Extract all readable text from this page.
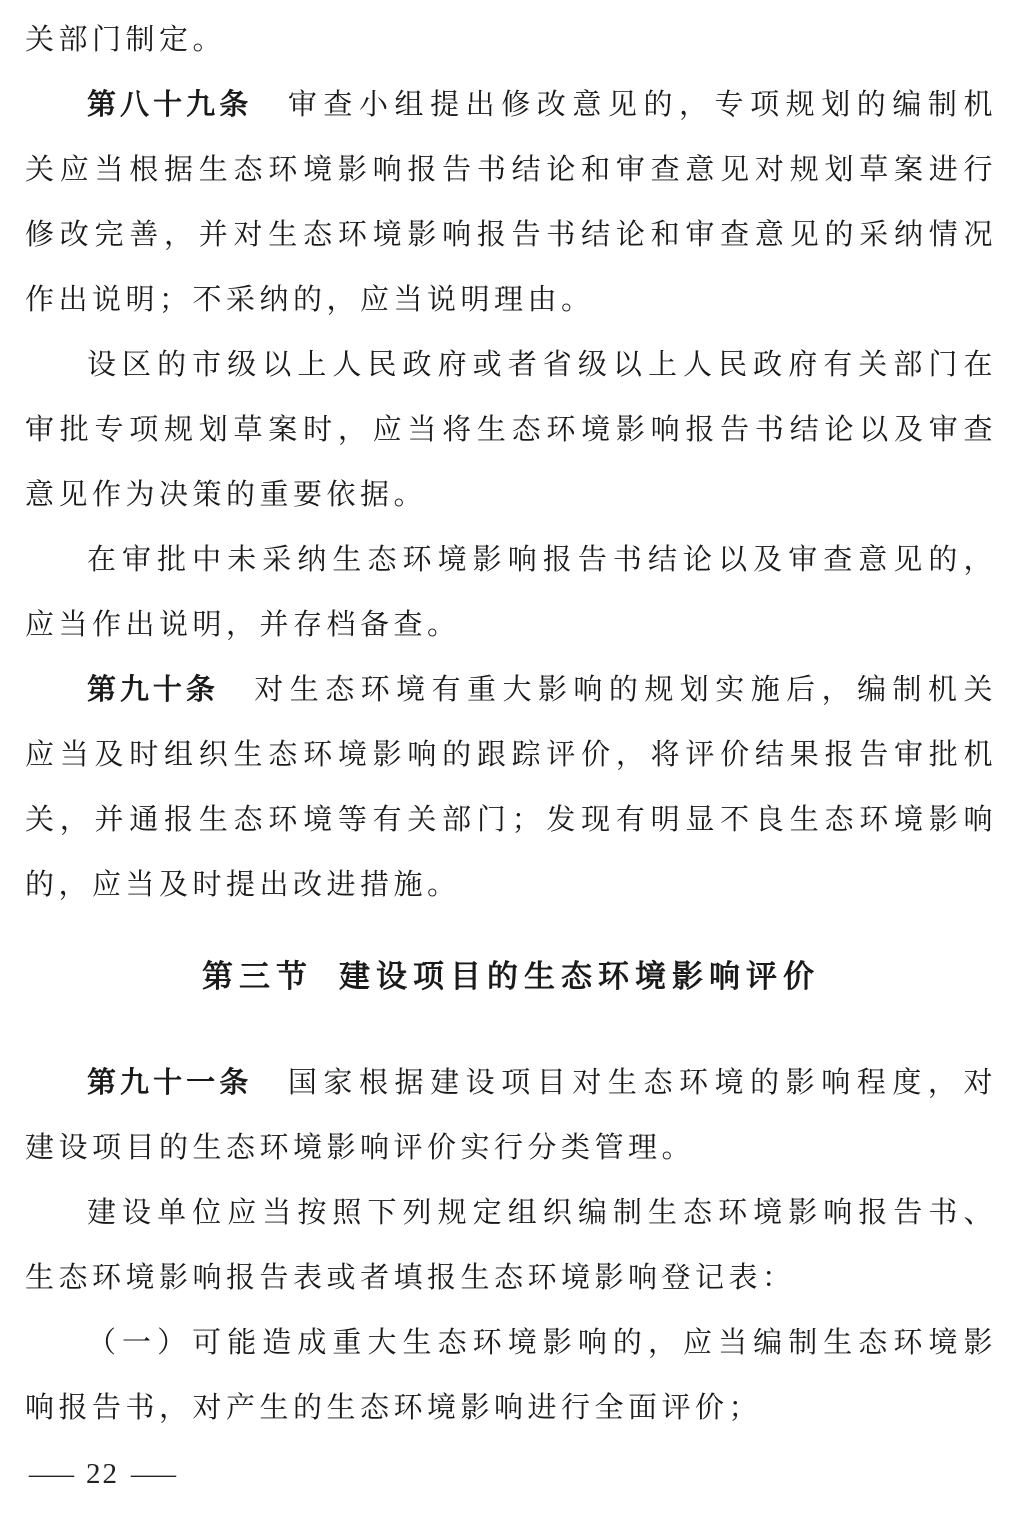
关部门制定。
第八十九条　审查小组提出修改意见的，专项规划的编制机
关应当根据生态环境影响报告书结论和审查意见对规划草案进行
修改完善，并对生态环境影响报告书结论和审查意见的采纳情况
作出说明；不采纳的，应当说明理由。
设区的市级以上人民政府或者省级以上人民政府有关部门在
审批专项规划草案时，应当将生态环境影响报告书结论以及审查
意见作为决策的重要依据。
在审批中未采纳生态环境影响报告书结论以及审查意见的，
应当作出说明，并存档备查。
第九十条　对生态环境有重大影响的规划实施后，编制机关
应当及时组织生态环境影响的跟踪评价，将评价结果报告审批机
关，并通报生态环境等有关部门；发现有明显不良生态环境影响
的，应当及时提出改进措施。
第三节 建设项目的生态环境影响评价
第九十一条　国家根据建设项目对生态环境的影响程度，对
建设项目的生态环境影响评价实行分类管理。
建设单位应当按照下列规定组织编制生态环境影响报告书、
生态环境影响报告表或者填报生态环境影响登记表：
（一）可能造成重大生态环境影响的，应当编制生态环境影
响报告书，对产生的生态环境影响进行全面评价；
— 22 —
